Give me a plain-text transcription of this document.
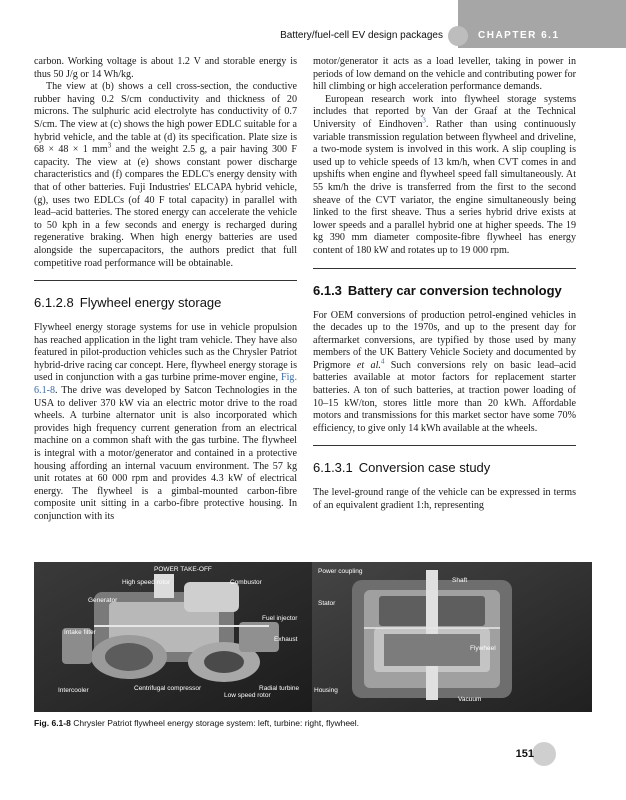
Battery/fuel-cell EV design packages	CHAPTER 6.1

carbon. Working voltage is about 1.2 V and storable energy is thus 50 J/g or 14 Wh/kg.

The view at (b) shows a cell cross-section, the conductive rubber having 0.2 S/cm conductivity and thickness of 20 microns. The sulphuric acid electrolyte has conductivity of 0.7 S/cm. The view at (c) shows the high power EDLC suitable for a hybrid vehicle, and the table at (d) its specification. Plate size is 68 × 48 × 1 $mm^3$ and the weight 2.5 g, a pair having 300 F capacity. The view at (e) shows constant power discharge characteristics and (f) compares the EDLC's energy density with that of other batteries. Fuji Industries' ELCAPA hybrid vehicle, (g), uses two EDLCs (of 40 F total capacity) in parallel with lead–acid batteries. The stored energy can accelerate the vehicle to 50 kph in a few seconds and energy is recharged during regenerative braking. When high energy batteries are used alongside the supercapacitors, the authors predict that full competitive road performance will be obtainable.

6.1.2.8 Flywheel energy storage

Flywheel energy storage systems for use in vehicle propulsion has reached application in the light tram vehicle. They have also featured in pilot-production vehicles such as the Chrysler Patriot hybrid-drive racing car concept. Here, flywheel energy storage is used in conjunction with a gas turbine prime-mover engine, Fig. 6.1-8. The drive was developed by Satcon Technologies in the USA to deliver 370 kW via an electric motor drive to the road wheels. A turbine alternator unit is also incorporated which provides high frequency current generation from an electrical machine on a common shaft with the gas turbine. The flywheel is integral with a motor/generator and contained in a protective housing affording an internal vacuum environment. The 57 kg unit rotates at 60 000 rpm and provides 4.3 kW of electrical energy. The flywheel is a gimbal-mounted carbon-fibre composite unit sitting in a carbo-fibre protective housing. In conjunction with its

motor/generator it acts as a load leveller, taking in power in periods of low demand on the vehicle and contributing power for hill climbing or high acceleration performance demands.

European research work into flywheel storage systems includes that reported by Van der Graaf at the Technical University of Eindhoven$^3$. Rather than using continuously variable transmission regulation between flywheel and driveline, a two-mode system is involved in this work. A slip coupling is used up to vehicle speeds of 13 km/h, when CVT comes in and upshifts when engine and flywheel speed fall simultaneously. At 55 km/h the drive is transferred from the first to the second sheave of the CVT variator, the engine simultaneously being linked to the first sheave. Thus a series hybrid drive exists at lower speeds and a parallel hybrid one at higher speeds. The 19 kg 390 mm diameter composite-fibre flywheel has energy content of 180 kW and rotates up to 19 000 rpm.

6.1.3 Battery car conversion technology

For OEM conversions of production petrol-engined vehicles in the decades up to the 1970s, and up to the present day for aftermarket conversions, are typified by those used by many members of the UK Battery Vehicle Society and documented by Prigmore et al.$^4$ Such conversions rely on basic lead–acid batteries available at motor factors for replacement starter batteries. A ton of such batteries, at traction power loading of 10–15 kW/ton, stores little more than 20 kWh. Affordable motors and transmissions for this market sector have some 70% efficiency, to give only 14 kWh available at the wheels.

6.1.3.1 Conversion case study

The level-ground range of the vehicle can be expressed in terms of an equivalent gradient 1:h, representing

POWER TAKE-OFF
High speed rotor	Combustor
Generator
Fuel injector
Intake filter
Exhaust
Intercooler	Centrifugal compressor
Low speed rotor
Radial turbine
Power coupling
Shaft
Stator
Flywheel
Housing
Vacuum
Fig. 6.1-8 Chrysler Patriot flywheel energy storage system: left, turbine: right, flywheel.
151
